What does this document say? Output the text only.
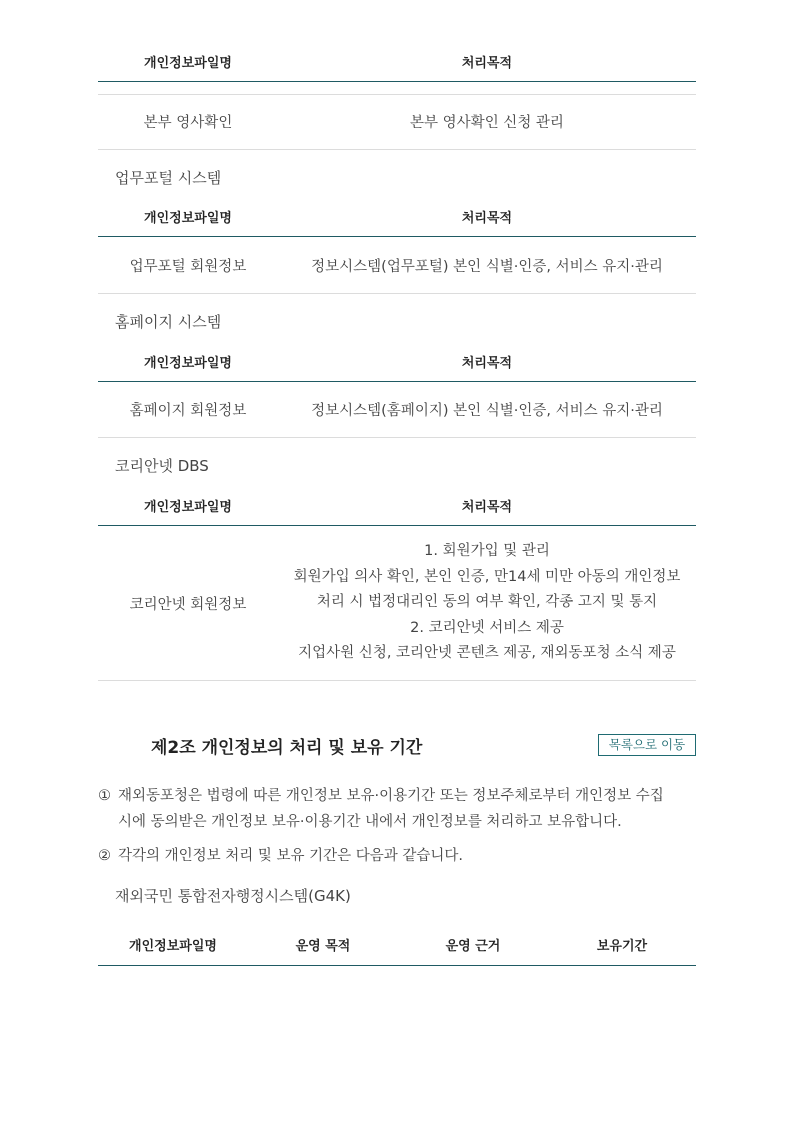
개인정보파일명	처리목적

본부 영사확인	본부 영사확인 신청 관리
업무포털 시스템
개인정보파일명	처리목적
업무포털 회원정보	정보시스템(업무포털) 본인 식별·인증, 서비스 유지·관리
홈페이지 시스템
개인정보파일명	처리목적
홈페이지 회원정보	정보시스템(홈페이지) 본인 식별·인증, 서비스 유지·관리
코리안넷 DBS
개인정보파일명	처리목적
코리안넷 회원정보	1. 회원가입 및 관리
회원가입 의사 확인, 본인 인증, 만14세 미만 아동의 개인정보
처리 시 법정대리인 동의 여부 확인, 각종 고지 및 통지
2. 코리안넷 서비스 제공
지업사원 신청, 코리안넷 콘텐츠 제공, 재외동포청 소식 제공
제2조 개인정보의 처리 및 보유 기간	목록으로 이동
① 재외동포청은 법령에 따른 개인정보 보유·이용기간 또는 정보주체로부터 개인정보 수집
시에 동의받은 개인정보 보유·이용기간 내에서 개인정보를 처리하고 보유합니다.
② 각각의 개인정보 처리 및 보유 기간은 다음과 같습니다.
재외국민 통합전자행정시스템(G4K)
개인정보파일명	운영 목적	운영 근거	보유기간
